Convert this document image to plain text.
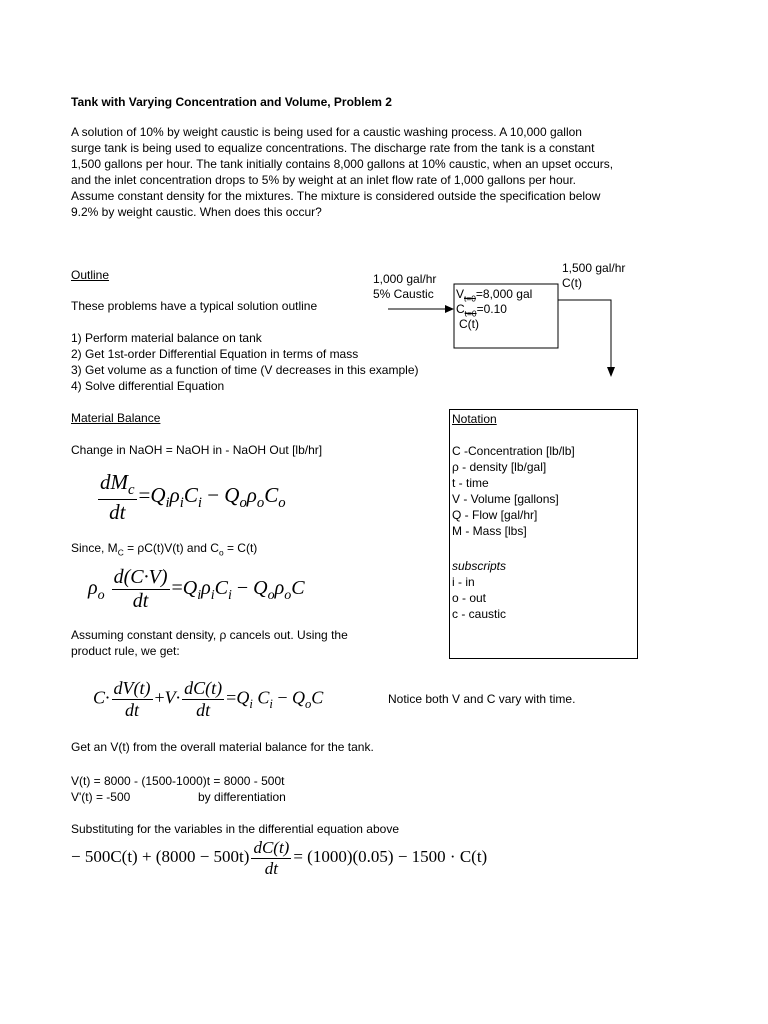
Tank with Varying Concentration and Volume, Problem 2
A solution of 10% by weight caustic is being used for a caustic washing process. A 10,000 gallon
surge tank is being used to equalize concentrations. The discharge rate from the tank is a constant
1,500 gallons per hour. The tank initially contains 8,000 gallons at 10% caustic, when an upset occurs,
and the inlet concentration drops to 5% by weight at an inlet flow rate of 1,000 gallons per hour.
Assume constant density for the mixtures. The mixture is considered outside the specification below
9.2% by weight caustic. When does this occur?
Outline
These problems have a typical solution outline
1) Perform material balance on tank
2) Get 1st-order Differential Equation in terms of mass
3) Get volume as a function of time (V decreases in this example)
4) Solve differential Equation
1,000 gal/hr
5% Caustic
1,500 gal/hr
C(t)
$V_{t=0}=8,000$ gal
$C_{t=0}=0.10$
C(t)
Material Balance
Change in NaOH = NaOH in - NaOH Out [lb/hr]
$\frac{dM_c}{dt} =Q_i\rho_iC_i - Q_o\rho_oC_o$
Since, $M_C = \rho C(t)V(t)$ and $C_o = C(t)$
$\rho_o \frac{d(C\cdot V)}{dt} =Q_i\rho_iC_i - Q_o\rho_oC$
Assuming constant density, ρ cancels out. Using the
product rule, we get:
$C\cdot \frac{dV(t)}{dt} +V\cdot \frac{dC(t)}{dt} =Q_i$ $C_i - Q_oC$	Notice both V and C vary with time.
Get an V(t) from the overall material balance for the tank.
V(t) = 8000 - (1500-1000)t = 8000 - 500t
V'(t) = -500	by differentiation
Substituting for the variables in the differential equation above
− $500C(t) + (8000 - 500t) \frac{dC(t)}{dt} = (1000)(0.05) - 1500 \cdot C(t)$
Notation
C -Concentration [lb/lb]
ρ - density [lb/gal]
t - time
V - Volume [gallons]
Q - Flow [gal/hr]
M - Mass [lbs]
subscripts
i - in
o - out
c - caustic
